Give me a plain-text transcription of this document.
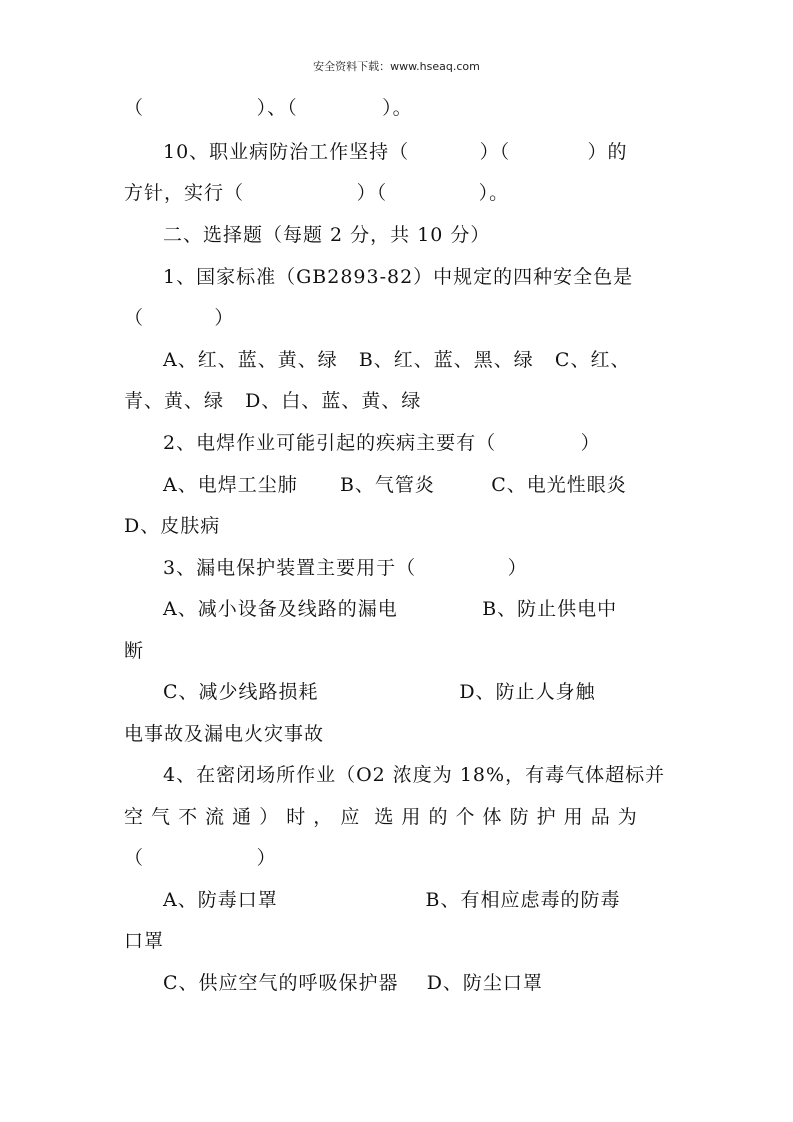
安全资料下载：www.hseaq.com
（                ）、（            ）。
10、职业病防治工作坚持（          ）（           ）的
方针，实行（                ）（             ）。
二、选择题（每题 2 分，共 10 分）
1、国家标准（GB2893-82）中规定的四种安全色是
（          ）
A、红、蓝、黄、绿   B、红、蓝、黑、绿   C、红、
青、黄、绿   D、白、蓝、黄、绿
2、电焊作业可能引起的疾病主要有（            ）
A、电焊工尘肺      B、气管炎        C、电光性眼炎
D、皮肤病
3、漏电保护装置主要用于（             ）
A、减小设备及线路的漏电            B、防止供电中
断
C、减少线路损耗                    D、防止人身触
电事故及漏电火灾事故
4、在密闭场所作业（O2 浓度为 18%，有毒气体超标并
空 气 不 流 通 ） 时 ， 应  选 用 的 个 体 防 护 用 品 为
（                ）
A、防毒口罩                     B、有相应虑毒的防毒
口罩
C、供应空气的呼吸保护器    D、防尘口罩
